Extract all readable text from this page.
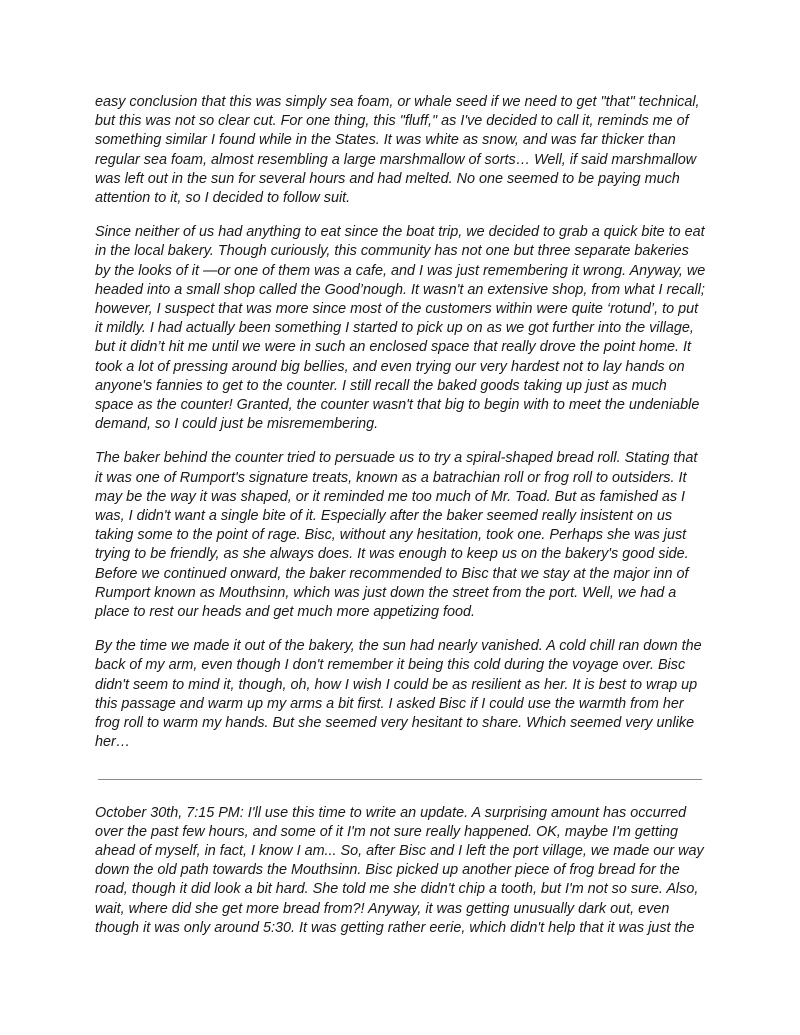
easy conclusion that this was simply sea foam, or whale seed if we need to get "that" technical, but this was not so clear cut. For one thing, this "fluff," as I've decided to call it, reminds me of something similar I found while in the States. It was white as snow, and was far thicker than regular sea foam, almost resembling a large marshmallow of sorts… Well, if said marshmallow was left out in the sun for several hours and had melted. No one seemed to be paying much attention to it, so I decided to follow suit.

Since neither of us had anything to eat since the boat trip, we decided to grab a quick bite to eat in the local bakery. Though curiously, this community has not one but three separate bakeries by the looks of it —or one of them was a cafe, and I was just remembering it wrong. Anyway, we headed into a small shop called the Good’nough. It wasn't an extensive shop, from what I recall; however, I suspect that was more since most of the customers within were quite ‘rotund’, to put it mildly. I had actually been something I started to pick up on as we got further into the village, but it didn’t hit me until we were in such an enclosed space that really drove the point home. It took a lot of pressing around big bellies, and even trying our very hardest not to lay hands on anyone's fannies to get to the counter. I still recall the baked goods taking up just as much space as the counter! Granted, the counter wasn't that big to begin with to meet the undeniable demand, so I could just be misremembering.

The baker behind the counter tried to persuade us to try a spiral-shaped bread roll. Stating that it was one of Rumport's signature treats, known as a batrachian roll or frog roll to outsiders. It may be the way it was shaped, or it reminded me too much of Mr. Toad. But as famished as I was, I didn't want a single bite of it. Especially after the baker seemed really insistent on us taking some to the point of rage. Bisc, without any hesitation, took one. Perhaps she was just trying to be friendly, as she always does. It was enough to keep us on the bakery's good side. Before we continued onward, the baker recommended to Bisc that we stay at the major inn of Rumport known as Mouthsinn, which was just down the street from the port. Well, we had a place to rest our heads and get much more appetizing food.

By the time we made it out of the bakery, the sun had nearly vanished. A cold chill ran down the back of my arm, even though I don't remember it being this cold during the voyage over. Bisc didn't seem to mind it, though, oh, how I wish I could be as resilient as her. It is best to wrap up this passage and warm up my arms a bit first. I asked Bisc if I could use the warmth from her frog roll to warm my hands. But she seemed very hesitant to share. Which seemed very unlike her…

October 30th, 7:15 PM: I'll use this time to write an update. A surprising amount has occurred over the past few hours, and some of it I'm not sure really happened. OK, maybe I'm getting ahead of myself, in fact, I know I am... So, after Bisc and I left the port village, we made our way down the old path towards the Mouthsinn. Bisc picked up another piece of frog bread for the road, though it did look a bit hard. She told me she didn't chip a tooth, but I'm not so sure. Also, wait, where did she get more bread from?! Anyway, it was getting unusually dark out, even though it was only around 5:30. It was getting rather eerie, which didn't help that it was just the
